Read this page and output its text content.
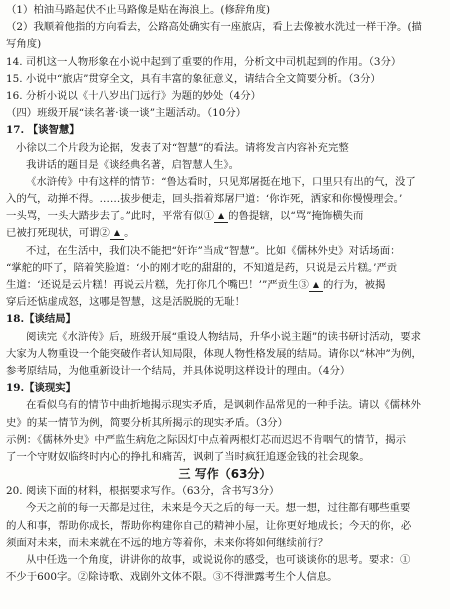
（1）柏油马路起伏不止马路像是贴在海浪上。(修辞角度)
（2）我顺着他指的方向看去，公路高处确实有一座旅店，看上去像被水洗过一样干净。(描
写角度)
14. 司机这一人物形象在小说中起到了重要的作用，分析文中司机起到的作用。（3分）
15. 小说中“旅店”贯穿全文，具有丰富的象征意义，请结合全文简要分析。（3分）
16. 分析小说以《十八岁出门远行》为题的妙处（4分）
（四）班级开展“读名著·谈一谈”主题活动。（10分）
17. 【谈智慧】
小徐以二个片段为论据，发表了对“智慧”的看法。请将发言内容补充完整
我讲话的题目是《谈经典名著，启智慧人生》。
《水浒传》中有这样的情节：“鲁达看时，只见郑屠挺在地下，口里只有出的气，没了
入的气，动掸不得。……拔步便走，回头指着郑屠尸道：‘你诈死，洒家和你慢慢理会。’
一头骂，一头大踏步去了。”此时，平常有似① ▲ 的鲁提辖，以“骂”掩饰横失而
已被打死现状，可谓② ▲ 。
不过，在生活中，我们决不能把“奸诈”当成“智慧”。比如《儒林外史》对话场面：
“掌舵的吓了，陪着笑脸道：‘小的刚才吃的甜甜的，不知道是药，只说是云片糕。’严贡
生道：‘还说是云片糕！再说云片糕，先打你几个嘴巴！’”严贡生③ ▲ 的行为，被揭
穿后还惦虚成怒，这哪是智慧，这是活脱脱的无耻！
18.【谈结局】
阅读完《水浒传》后，班级开展“重设人物结局，升华小说主题”的读书研讨活动，要求
大家为人物重设一个能突破作者认知局限，体现人物性格发展的结局。请你以“林冲”为例，
参考原结局，为他重新设计一个结局，并具体说明这样设计的理由。（4分）
19.【谈现实】
在看似乌有的情节中曲折地揭示现实矛盾，是讽刺作品常见的一种手法。请以《儒林外
史》的某一情节为例，简要分析其所揭示的现实矛盾。（3分）
示例：《儒林外史》中严监生病危之际因灯中点着两根灯芯而迟迟不肯咽气的情节，揭示
了一个守财奴临终时内心的挣扎和痛苦，讽刺了当时疯狂追逐金钱的社会现象。
三 写作（63分）
20. 阅读下面的材料，根据要求写作。（63分，含书写3分）
今天之前的每一天都是过往，未来是今天之后的每一天。想一想，过往都有哪些重要
的人和事，帮助你成长，帮助你构建你自己的精神小屋，让你更好地成长；今天的你，必
须面对未来，而未来就在不远的地方等着你，未来你将如何继续前行？
从中任选一个角度，讲讲你的故事，或说说你的感受，也可谈谈你的思考。要求：①
不少于600字。②除诗歌、戏剧外文体不限。③不得泄露考生个人信息。
